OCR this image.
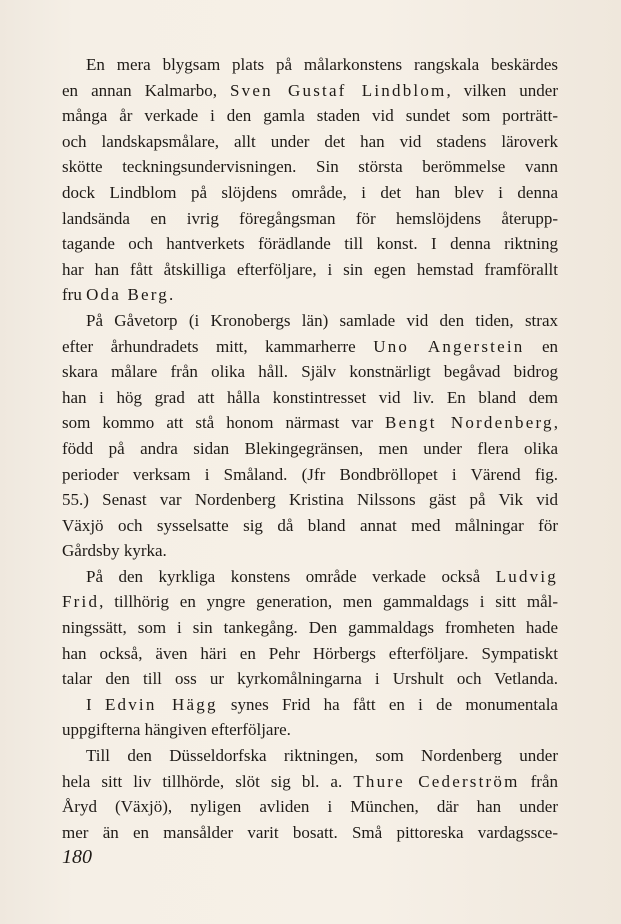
En mera blygsam plats på målarkonstens rangskala beskärdes
en annan Kalmarbo, Sven Gustaf Lindblom, vilken under
många år verkade i den gamla staden vid sundet som porträtt-
och landskapsmålare, allt under det han vid stadens läroverk
skötte teckningsundervisningen. Sin största berömmelse vann
dock Lindblom på slöjdens område, i det han blev i denna
landsända en ivrig föregångsman för hemslöjdens återupp-
tagande och hantverkets förädlande till konst. I denna riktning
har han fått åtskilliga efterföljare, i sin egen hemstad framförallt
fru Oda Berg.
På Gåvetorp (i Kronobergs län) samlade vid den tiden, strax
efter århundradets mitt, kammarherre Uno Angerstein en
skara målare från olika håll. Själv konstnärligt begåvad bidrog
han i hög grad att hålla konstintresset vid liv. En bland dem
som kommo att stå honom närmast var Bengt Nordenberg,
född på andra sidan Blekingegränsen, men under flera olika
perioder verksam i Småland. (Jfr Bondbröllopet i Värend fig.
55.) Senast var Nordenberg Kristina Nilssons gäst på Vik vid
Växjö och sysselsatte sig då bland annat med målningar för
Gårdsby kyrka.
På den kyrkliga konstens område verkade också Ludvig
Frid, tillhörig en yngre generation, men gammaldags i sitt mål-
ningssätt, som i sin tankegång. Den gammaldags fromheten hade
han också, även häri en Pehr Hörbergs efterföljare. Sympatiskt
talar den till oss ur kyrkomålningarna i Urshult och Vetlanda.
I Edvin Hägg synes Frid ha fått en i de monumentala
uppgifterna hängiven efterföljare.
Till den Düsseldorfska riktningen, som Nordenberg under
hela sitt liv tillhörde, slöt sig bl. a. Thure Cederström från
Åryd (Växjö), nyligen avliden i München, där han under
mer än en mansålder varit bosatt. Små pittoreska vardagssce-
180
